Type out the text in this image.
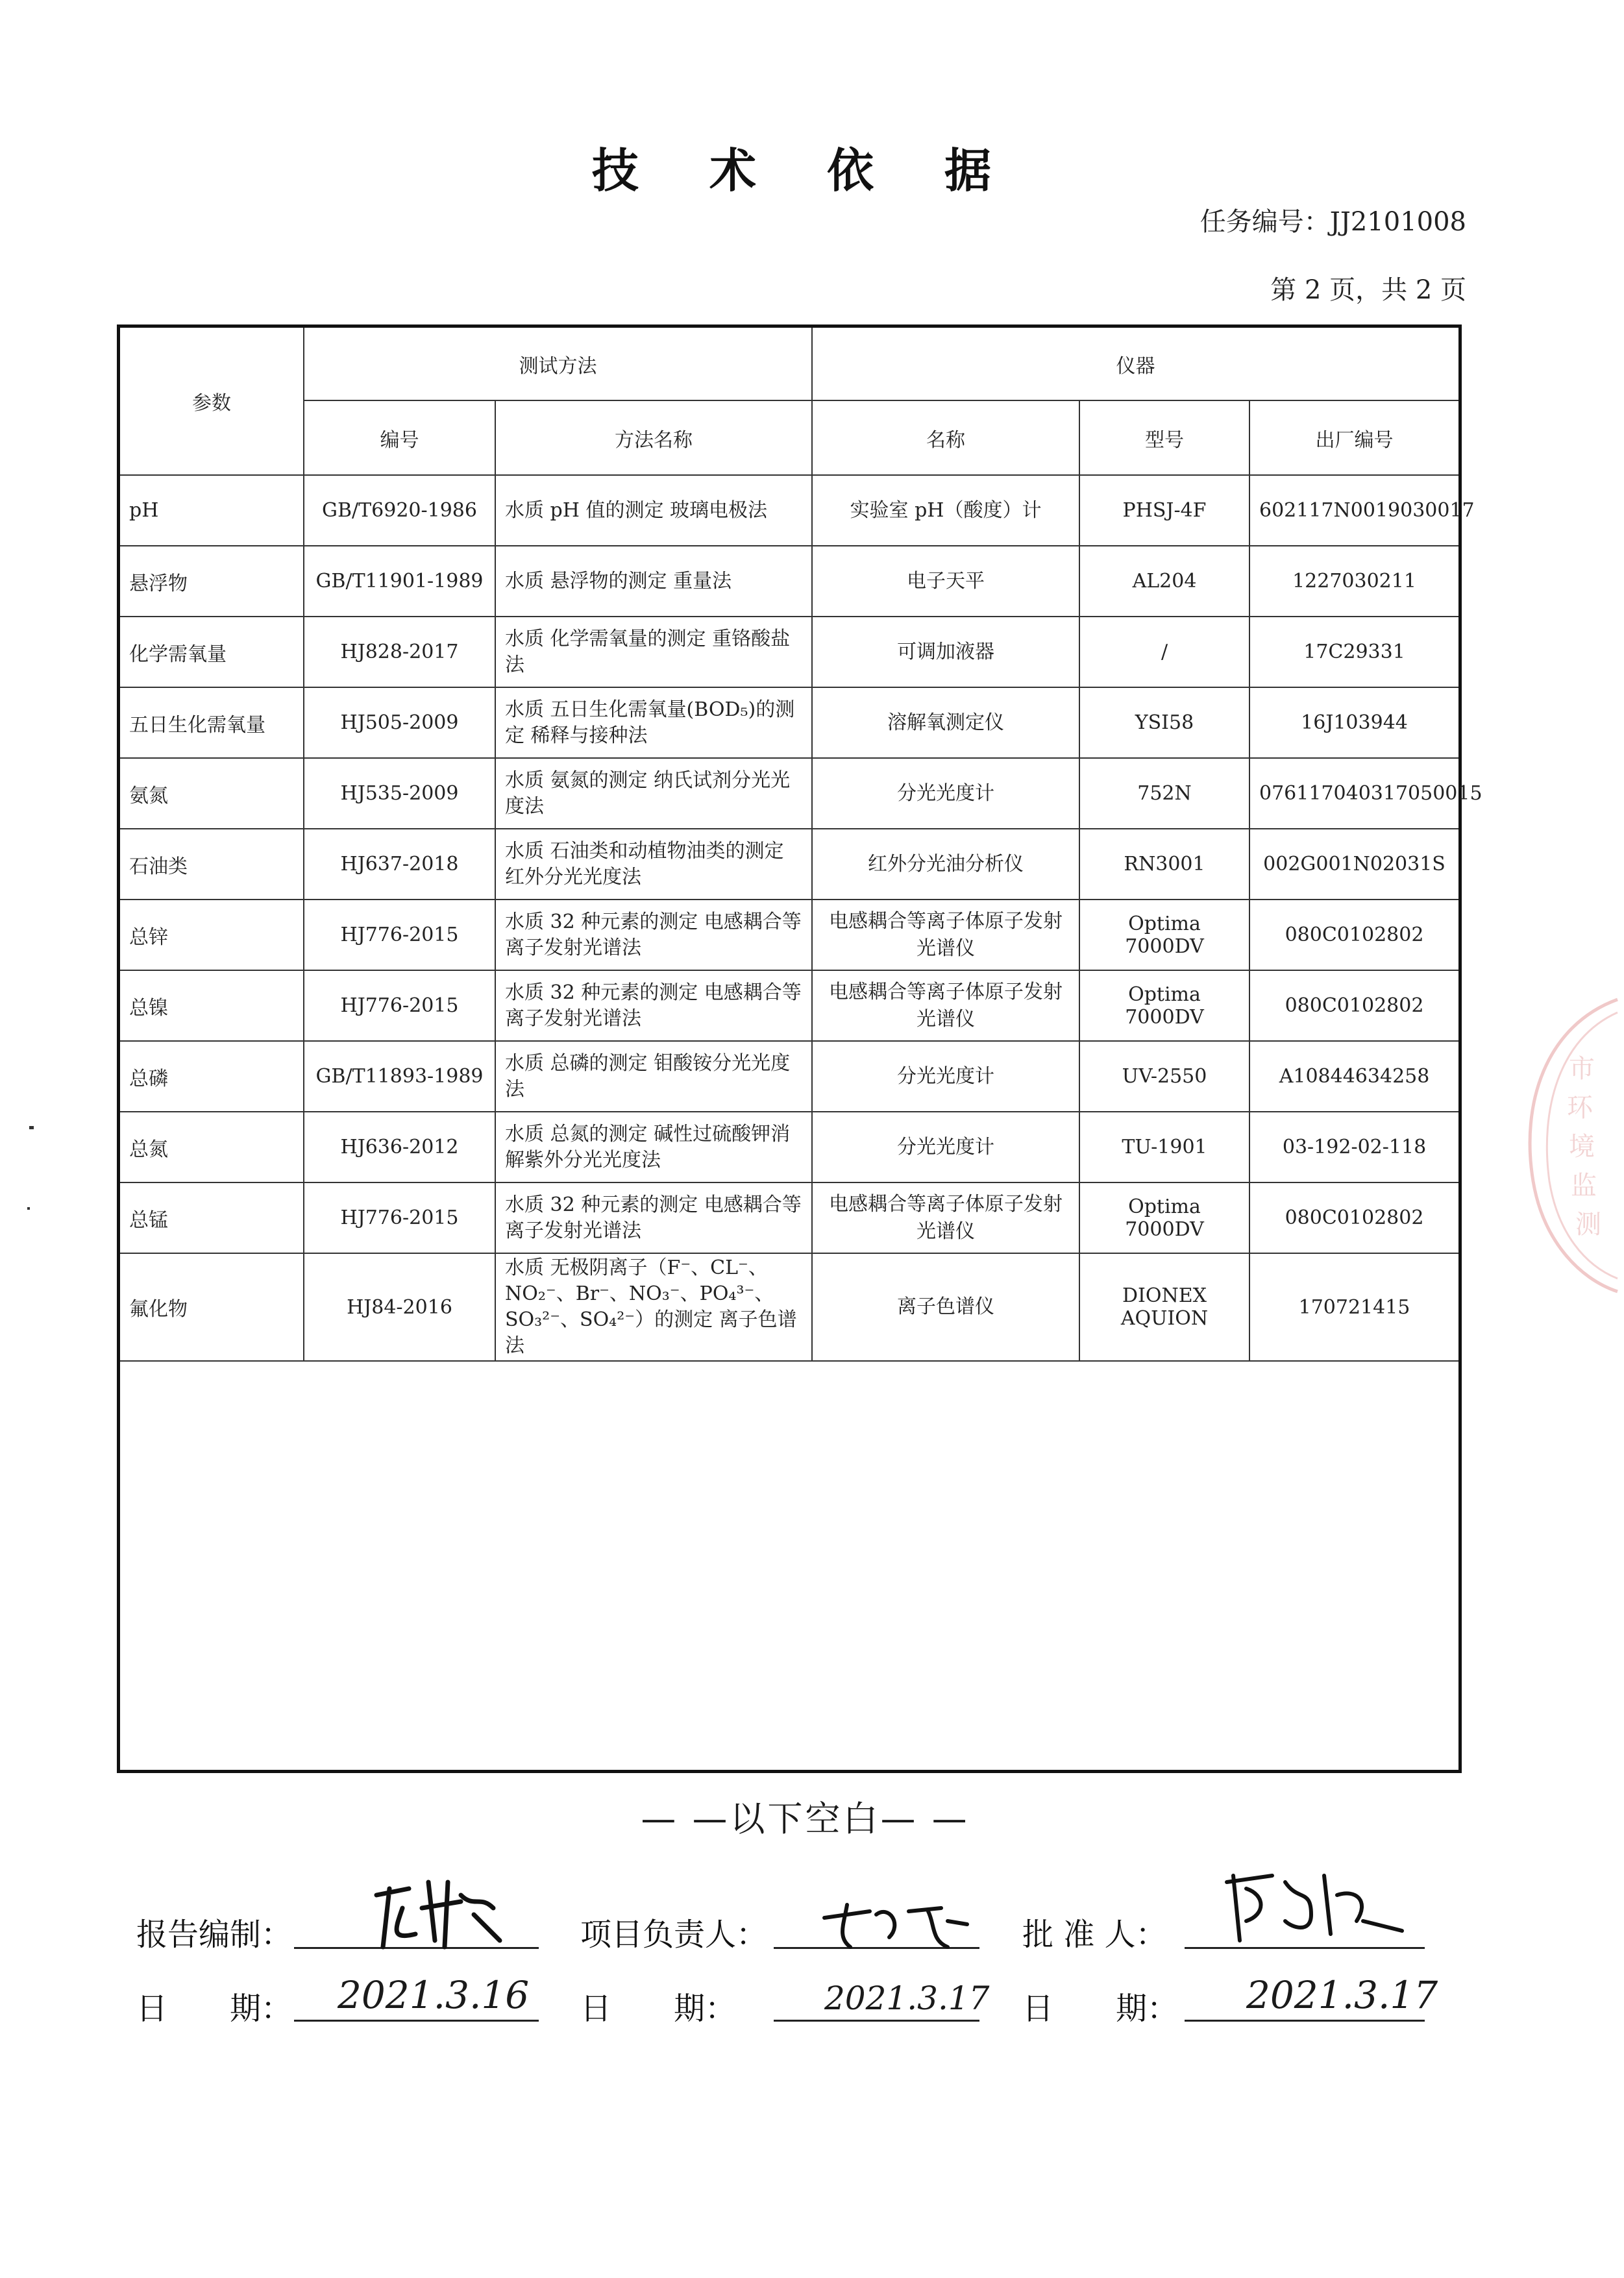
技 术 依 据
任务编号：JJ2101008
第 2 页，共 2 页
参数	测试方法		仪器		
	编号	方法名称	名称	型号	出厂编号
pH	GB/T6920-1986	水质 pH 值的测定 玻璃电极法	实验室 pH（酸度）计	PHSJ-4F	602117N0019030017
悬浮物	GB/T11901-1989	水质 悬浮物的测定 重量法	电子天平	AL204	1227030211
化学需氧量	HJ828-2017	水质 化学需氧量的测定 重铬酸盐法	可调加液器	/	17C29331
五日生化需氧量	HJ505-2009	水质 五日生化需氧量(BOD₅)的测定 稀释与接种法	溶解氧测定仪	YSI58	16J103944
氨氮	HJ535-2009	水质 氨氮的测定 纳氏试剂分光光度法	分光光度计	752N	076117040317050015
石油类	HJ637-2018	水质 石油类和动植物油类的测定 红外分光光度法	红外分光油分析仪	RN3001	002G001N02031S
总锌	HJ776-2015	水质 32 种元素的测定 电感耦合等离子发射光谱法	电感耦合等离子体原子发射光谱仪	Optima 7000DV	080C0102802
总镍	HJ776-2015	水质 32 种元素的测定 电感耦合等离子发射光谱法	电感耦合等离子体原子发射光谱仪	Optima 7000DV	080C0102802
总磷	GB/T11893-1989	水质 总磷的测定 钼酸铵分光光度法	分光光度计	UV-2550	A10844634258
总氮	HJ636-2012	水质 总氮的测定 碱性过硫酸钾消解紫外分光光度法	分光光度计	TU-1901	03-192-02-118
总锰	HJ776-2015	水质 32 种元素的测定 电感耦合等离子发射光谱法	电感耦合等离子体原子发射光谱仪	Optima 7000DV	080C0102802
氟化物	HJ84-2016	水质 无极阴离子（F⁻、CL⁻、NO₂⁻、Br⁻、NO₃⁻、PO₄³⁻、SO₃²⁻、SO₄²⁻）的测定 离子色谱法	离子色谱仪	DIONEX AQUION	170721415
市
环
境
监
测
— —以下空白— —
报告编制：	项目负责人：	批 准 人：
日　　期： 2021.3.16 日　　期：	2021.3.17 日　　期： 2021.3.17
